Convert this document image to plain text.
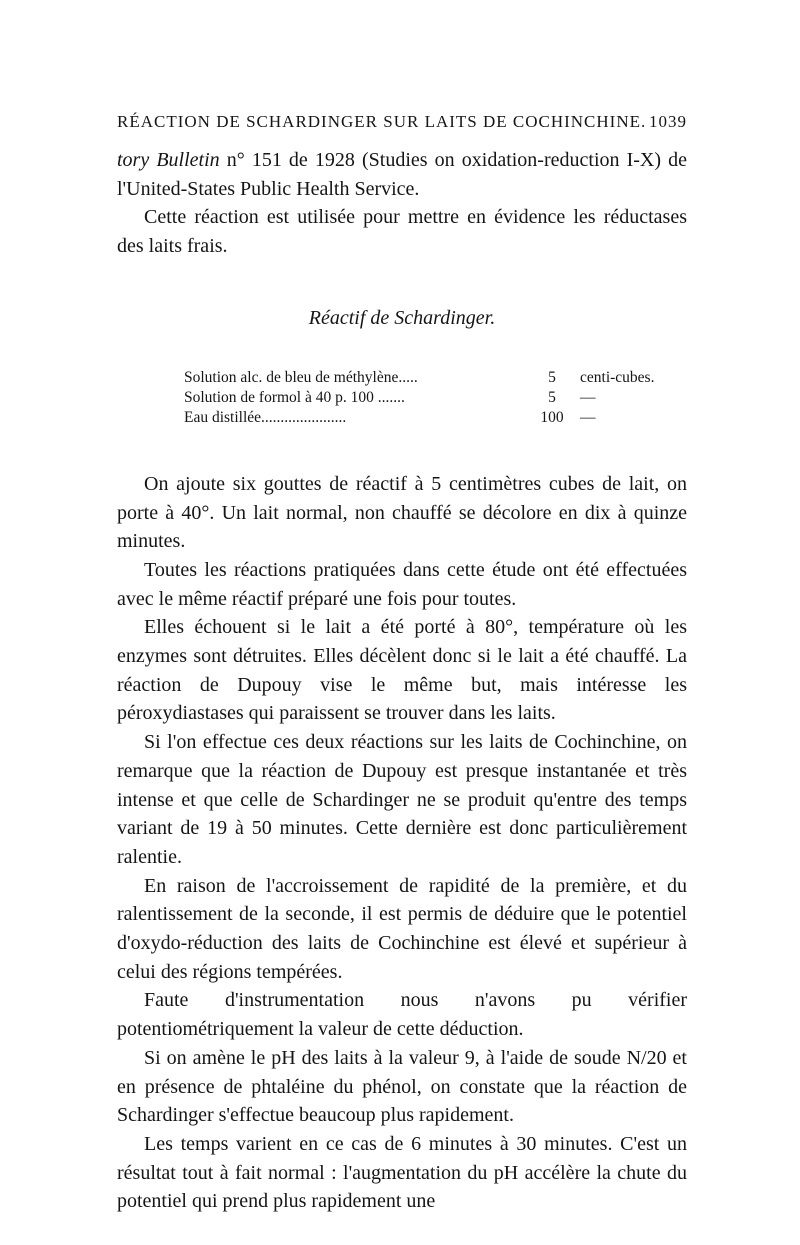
RÉACTION DE SCHARDINGER SUR LAITS DE COCHINCHINE. 1039

tory Bulletin n° 151 de 1928 (Studies on oxidation-reduction I-X) de l'United-States Public Health Service.

Cette réaction est utilisée pour mettre en évidence les réductases des laits frais.

Réactif de Schardinger.
Solution alc. de bleu de méthylène.....	5	centi-cubes.
Solution de formol à 40 p. 100 .......	5	—
Eau distillée......................	100	—

On ajoute six gouttes de réactif à 5 centimètres cubes de lait, on porte à 40°. Un lait normal, non chauffé se décolore en dix à quinze minutes.

Toutes les réactions pratiquées dans cette étude ont été effectuées avec le même réactif préparé une fois pour toutes.

Elles échouent si le lait a été porté à 80°, température où les enzymes sont détruites. Elles décèlent donc si le lait a été chauffé. La réaction de Dupouy vise le même but, mais intéresse les péroxydiastases qui paraissent se trouver dans les laits.

Si l'on effectue ces deux réactions sur les laits de Cochinchine, on remarque que la réaction de Dupouy est presque instantanée et très intense et que celle de Schardinger ne se produit qu'entre des temps variant de 19 à 50 minutes. Cette dernière est donc particulièrement ralentie.

En raison de l'accroissement de rapidité de la première, et du ralentissement de la seconde, il est permis de déduire que le potentiel d'oxydo-réduction des laits de Cochinchine est élevé et supérieur à celui des régions tempérées.

Faute d'instrumentation nous n'avons pu vérifier potentiométriquement la valeur de cette déduction.

Si on amène le pH des laits à la valeur 9, à l'aide de soude N/20 et en présence de phtaléine du phénol, on constate que la réaction de Schardinger s'effectue beaucoup plus rapidement.

Les temps varient en ce cas de 6 minutes à 30 minutes. C'est un résultat tout à fait normal : l'augmentation du pH accélère la chute du potentiel qui prend plus rapidement une
